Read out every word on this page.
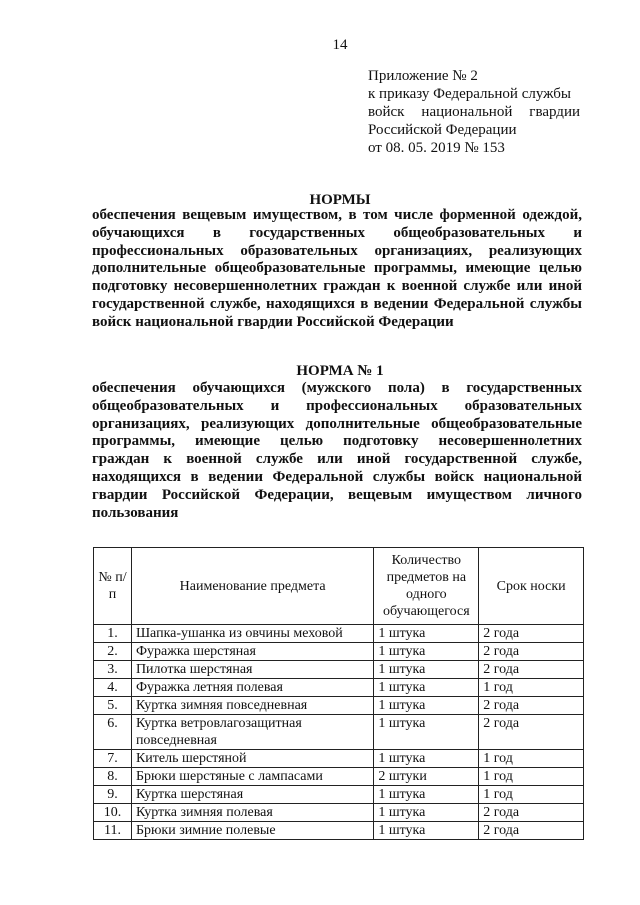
14
Приложение № 2
к приказу Федеральной службы
войск национальной гвардии
Российской Федерации
от 08. 05. 2019 № 153
НОРМЫ
обеспечения вещевым имуществом, в том числе форменной одеждой,
обучающихся в государственных общеобразовательных и
профессиональных образовательных организациях, реализующих
дополнительные общеобразовательные программы, имеющие целью
подготовку несовершеннолетних граждан к военной службе или иной
государственной службе, находящихся в ведении Федеральной службы
войск национальной гвардии Российской Федерации
НОРМА № 1
обеспечения обучающихся (мужского пола) в государственных
общеобразовательных и профессиональных образовательных
организациях, реализующих дополнительные общеобразовательные
программы, имеющие целью подготовку несовершеннолетних
граждан к военной службе или иной государственной службе,
находящихся в ведении Федеральной службы войск национальной
гвардии Российской Федерации, вещевым имуществом личного
пользования
№ п/п	Наименование предмета	Количество предметов на одного обучающегося	Срок носки
1.	Шапка-ушанка из овчины меховой	1 штука	2 года
2.	Фуражка шерстяная	1 штука	2 года
3.	Пилотка шерстяная	1 штука	2 года
4.	Фуражка летняя полевая	1 штука	1 год
5.	Куртка зимняя повседневная	1 штука	2 года
6.	Куртка ветровлагозащитная повседневная	1 штука	2 года
7.	Китель шерстяной	1 штука	1 год
8.	Брюки шерстяные с лампасами	2 штуки	1 год
9.	Куртка шерстяная	1 штука	1 год
10.	Куртка зимняя полевая	1 штука	2 года
11.	Брюки зимние полевые	1 штука	2 года
